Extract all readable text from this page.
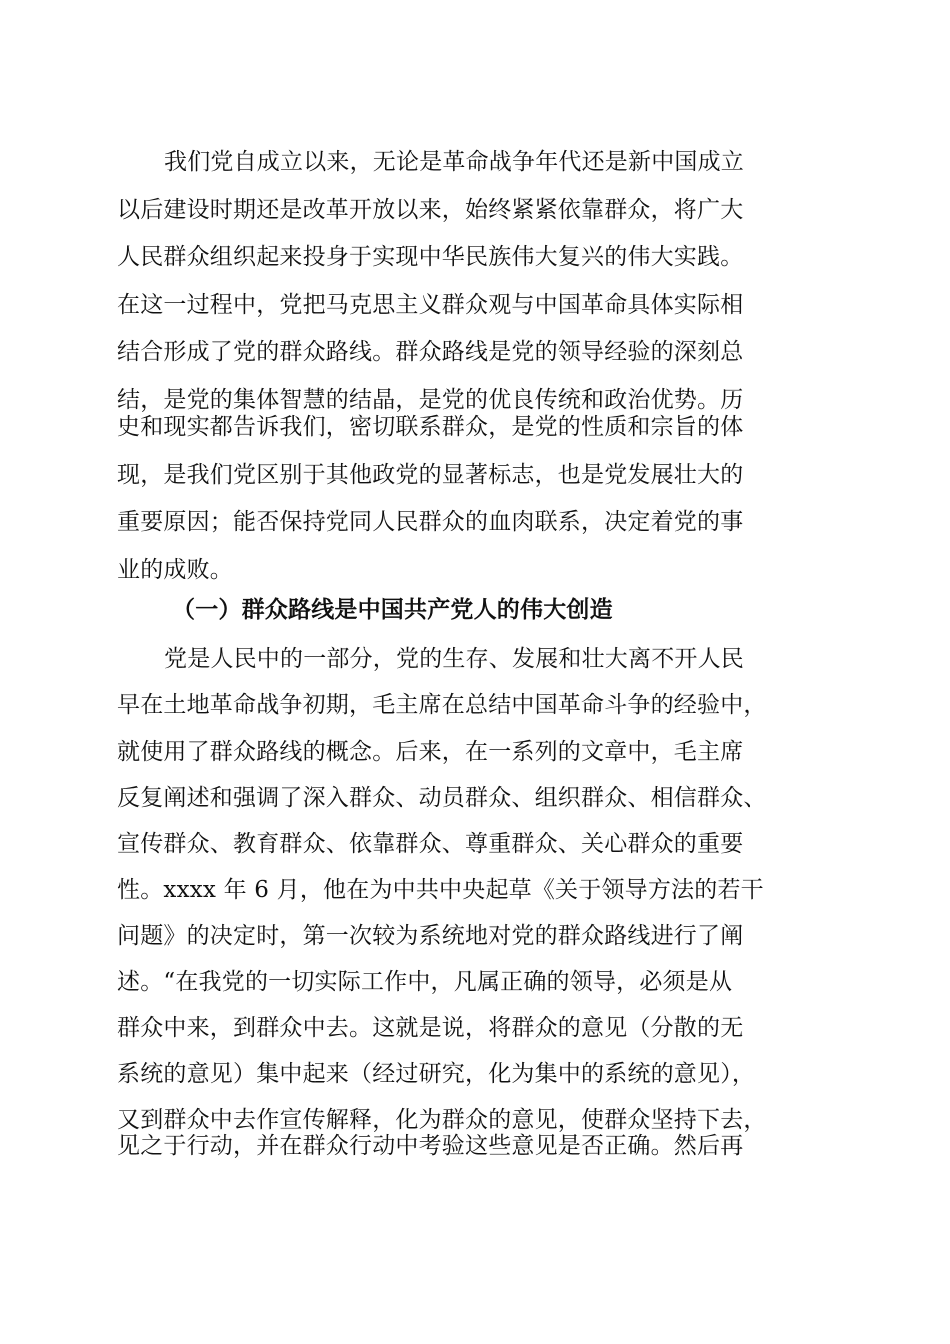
我们党自成立以来，无论是革命战争年代还是新中国成立
以后建设时期还是改革开放以来，始终紧紧依靠群众，将广大
人民群众组织起来投身于实现中华民族伟大复兴的伟大实践。
在这一过程中，党把马克思主义群众观与中国革命具体实际相
结合形成了党的群众路线。群众路线是党的领导经验的深刻总
结，是党的集体智慧的结晶，是党的优良传统和政治优势。历
史和现实都告诉我们，密切联系群众，是党的性质和宗旨的体
现，是我们党区别于其他政党的显著标志，也是党发展壮大的
重要原因；能否保持党同人民群众的血肉联系，决定着党的事
业的成败。
（一）群众路线是中国共产党人的伟大创造
党是人民中的一部分，党的生存、发展和壮大离不开人民
早在土地革命战争初期，毛主席在总结中国革命斗争的经验中，
就使用了群众路线的概念。后来，在一系列的文章中，毛主席
反复阐述和强调了深入群众、动员群众、组织群众、相信群众、
宣传群众、教育群众、依靠群众、尊重群众、关心群众的重要
性。xxxx 年 6 月，他在为中共中央起草《关于领导方法的若干
问题》的决定时，第一次较为系统地对党的群众路线进行了阐
述。“在我党的一切实际工作中，凡属正确的领导，必须是从
群众中来，到群众中去。这就是说，将群众的意见（分散的无
系统的意见）集中起来（经过研究，化为集中的系统的意见），
又到群众中去作宣传解释，化为群众的意见，使群众坚持下去，
见之于行动，并在群众行动中考验这些意见是否正确。然后再
